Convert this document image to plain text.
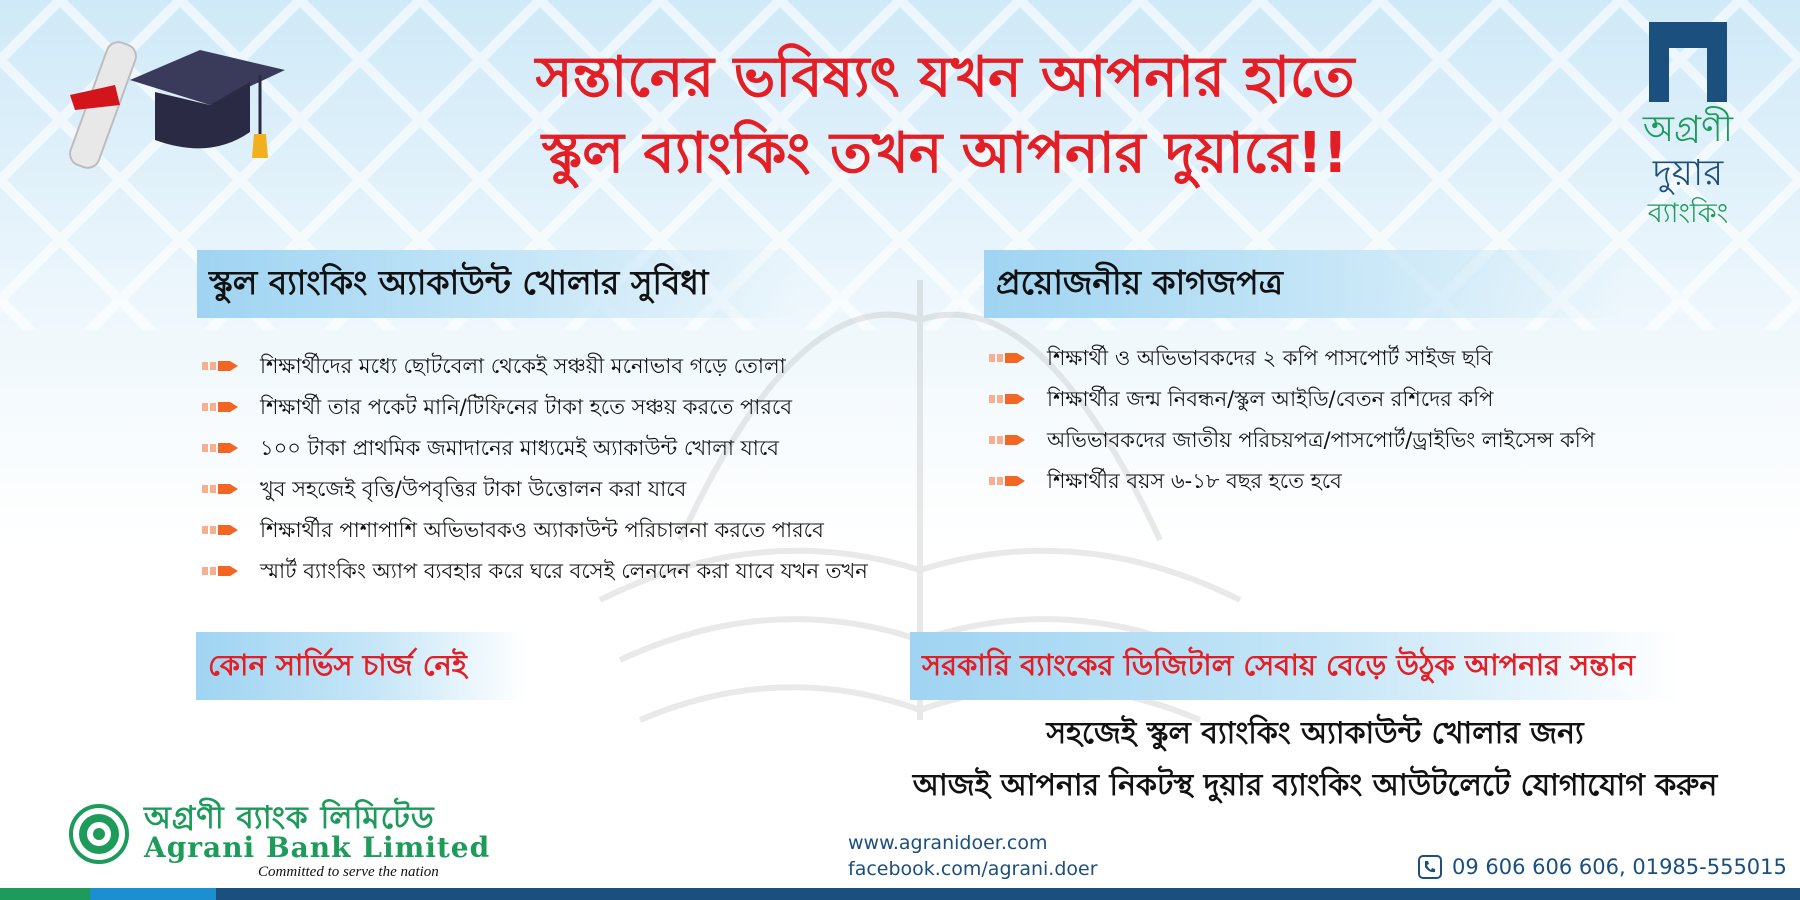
সন্তানের ভবিষ্যৎ যখন আপনার হাতে
স্কুল ব্যাংকিং তখন আপনার দুয়ারে!!	অগ্রণী
দুয়ার
ব্যাংকিং
স্কুল ব্যাংকিং অ্যাকাউন্ট খোলার সুবিধা
শিক্ষার্থীদের মধ্যে ছোটবেলা থেকেই সঞ্চয়ী মনোভাব গড়ে তোলা
শিক্ষার্থী তার পকেট মানি/টিফিনের টাকা হতে সঞ্চয় করতে পারবে
১০০ টাকা প্রাথমিক জমাদানের মাধ্যমেই অ্যাকাউন্ট খোলা যাবে
খুব সহজেই বৃত্তি/উপবৃত্তির টাকা উত্তোলন করা যাবে
শিক্ষার্থীর পাশাপাশি অভিভাবকও অ্যাকাউন্ট পরিচালনা করতে পারবে
স্মার্ট ব্যাংকিং অ্যাপ ব্যবহার করে ঘরে বসেই লেনদেন করা যাবে যখন তখন
প্রয়োজনীয় কাগজপত্র
শিক্ষার্থী ও অভিভাবকদের ২ কপি পাসপোর্ট সাইজ ছবি
শিক্ষার্থীর জন্ম নিবন্ধন/স্কুল আইডি/বেতন রশিদের কপি
অভিভাবকদের জাতীয় পরিচয়পত্র/পাসপোর্ট/ড্রাইভিং লাইসেন্স কপি
শিক্ষার্থীর বয়স ৬-১৮ বছর হতে হবে
কোন সার্ভিস চার্জ নেই	সরকারি ব্যাংকের ডিজিটাল সেবায় বেড়ে উঠুক আপনার সন্তান
সহজেই স্কুল ব্যাংকিং অ্যাকাউন্ট খোলার জন্য
আজই আপনার নিকটস্থ দুয়ার ব্যাংকিং আউটলেটে যোগাযোগ করুন
অগ্রণী ব্যাংক লিমিটেড
Agrani Bank Limited
Committed to serve the nation
www.agranidoer.com
facebook.com/agrani.doer	09 606 606 606, 01985-555015
